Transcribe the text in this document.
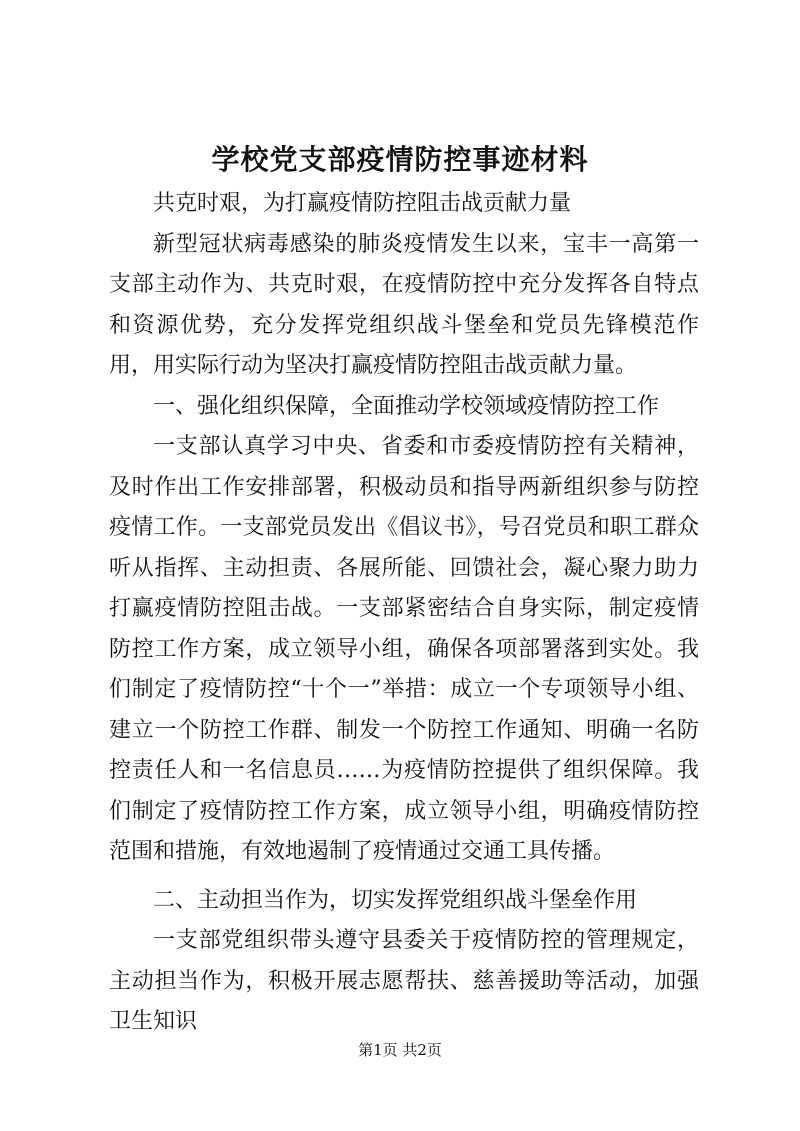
学校党支部疫情防控事迹材料

共克时艰，为打赢疫情防控阻击战贡献力量

新型冠状病毒感染的肺炎疫情发生以来，宝丰一高第一支部主动作为、共克时艰，在疫情防控中充分发挥各自特点和资源优势，充分发挥党组织战斗堡垒和党员先锋模范作用，用实际行动为坚决打赢疫情防控阻击战贡献力量。

一、强化组织保障，全面推动学校领域疫情防控工作

一支部认真学习中央、省委和市委疫情防控有关精神，及时作出工作安排部署，积极动员和指导两新组织参与防控疫情工作。一支部党员发出《倡议书》，号召党员和职工群众听从指挥、主动担责、各展所能、回馈社会，凝心聚力助力打赢疫情防控阻击战。一支部紧密结合自身实际，制定疫情防控工作方案，成立领导小组，确保各项部署落到实处。我们制定了疫情防控“十个一”举措：成立一个专项领导小组、建立一个防控工作群、制发一个防控工作通知、明确一名防控责任人和一名信息员……为疫情防控提供了组织保障。我们制定了疫情防控工作方案，成立领导小组，明确疫情防控范围和措施，有效地遏制了疫情通过交通工具传播。

二、主动担当作为，切实发挥党组织战斗堡垒作用

一支部党组织带头遵守县委关于疫情防控的管理规定，主动担当作为，积极开展志愿帮扶、慈善援助等活动，加强卫生知识

第1页 共2页
